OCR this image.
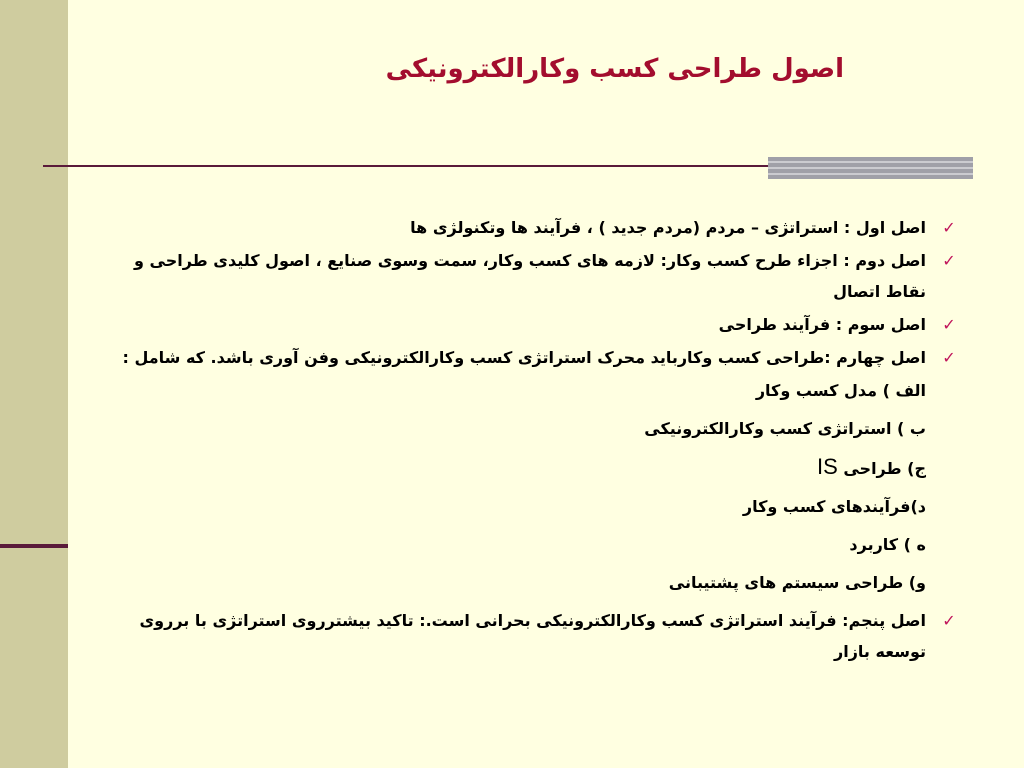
اصول طراحی کسب وکارالکترونیکی
✓
اصل اول : استراتژی – مردم (مردم جدید ) ، فرآیند ها وتکنولژی ها
✓
اصل دوم : اجزاء طرح کسب وکار: لازمه های کسب وکار، سمت وسوی صنایع ، اصول کلیدی طراحی و نقاط اتصال
✓
اصل سوم : فرآیند طراحی
✓
اصل چهارم :طراحی کسب وکارباید محرک استراتژی کسب وکارالکترونیکی وفن آوری باشد. که شامل :
الف ) مدل کسب وکار
ب ) استراتژی کسب وکارالکترونیکی
ج) طراحی IS
د)فرآیندهای کسب وکار
ه ) کاربرد
و) طراحی سیستم های پشتیبانی
✓
اصل پنجم: فرآیند استراتژی کسب وکارالکترونیکی بحرانی است.: تاکید بیشترروی استراتژی با برروی توسعه بازار
